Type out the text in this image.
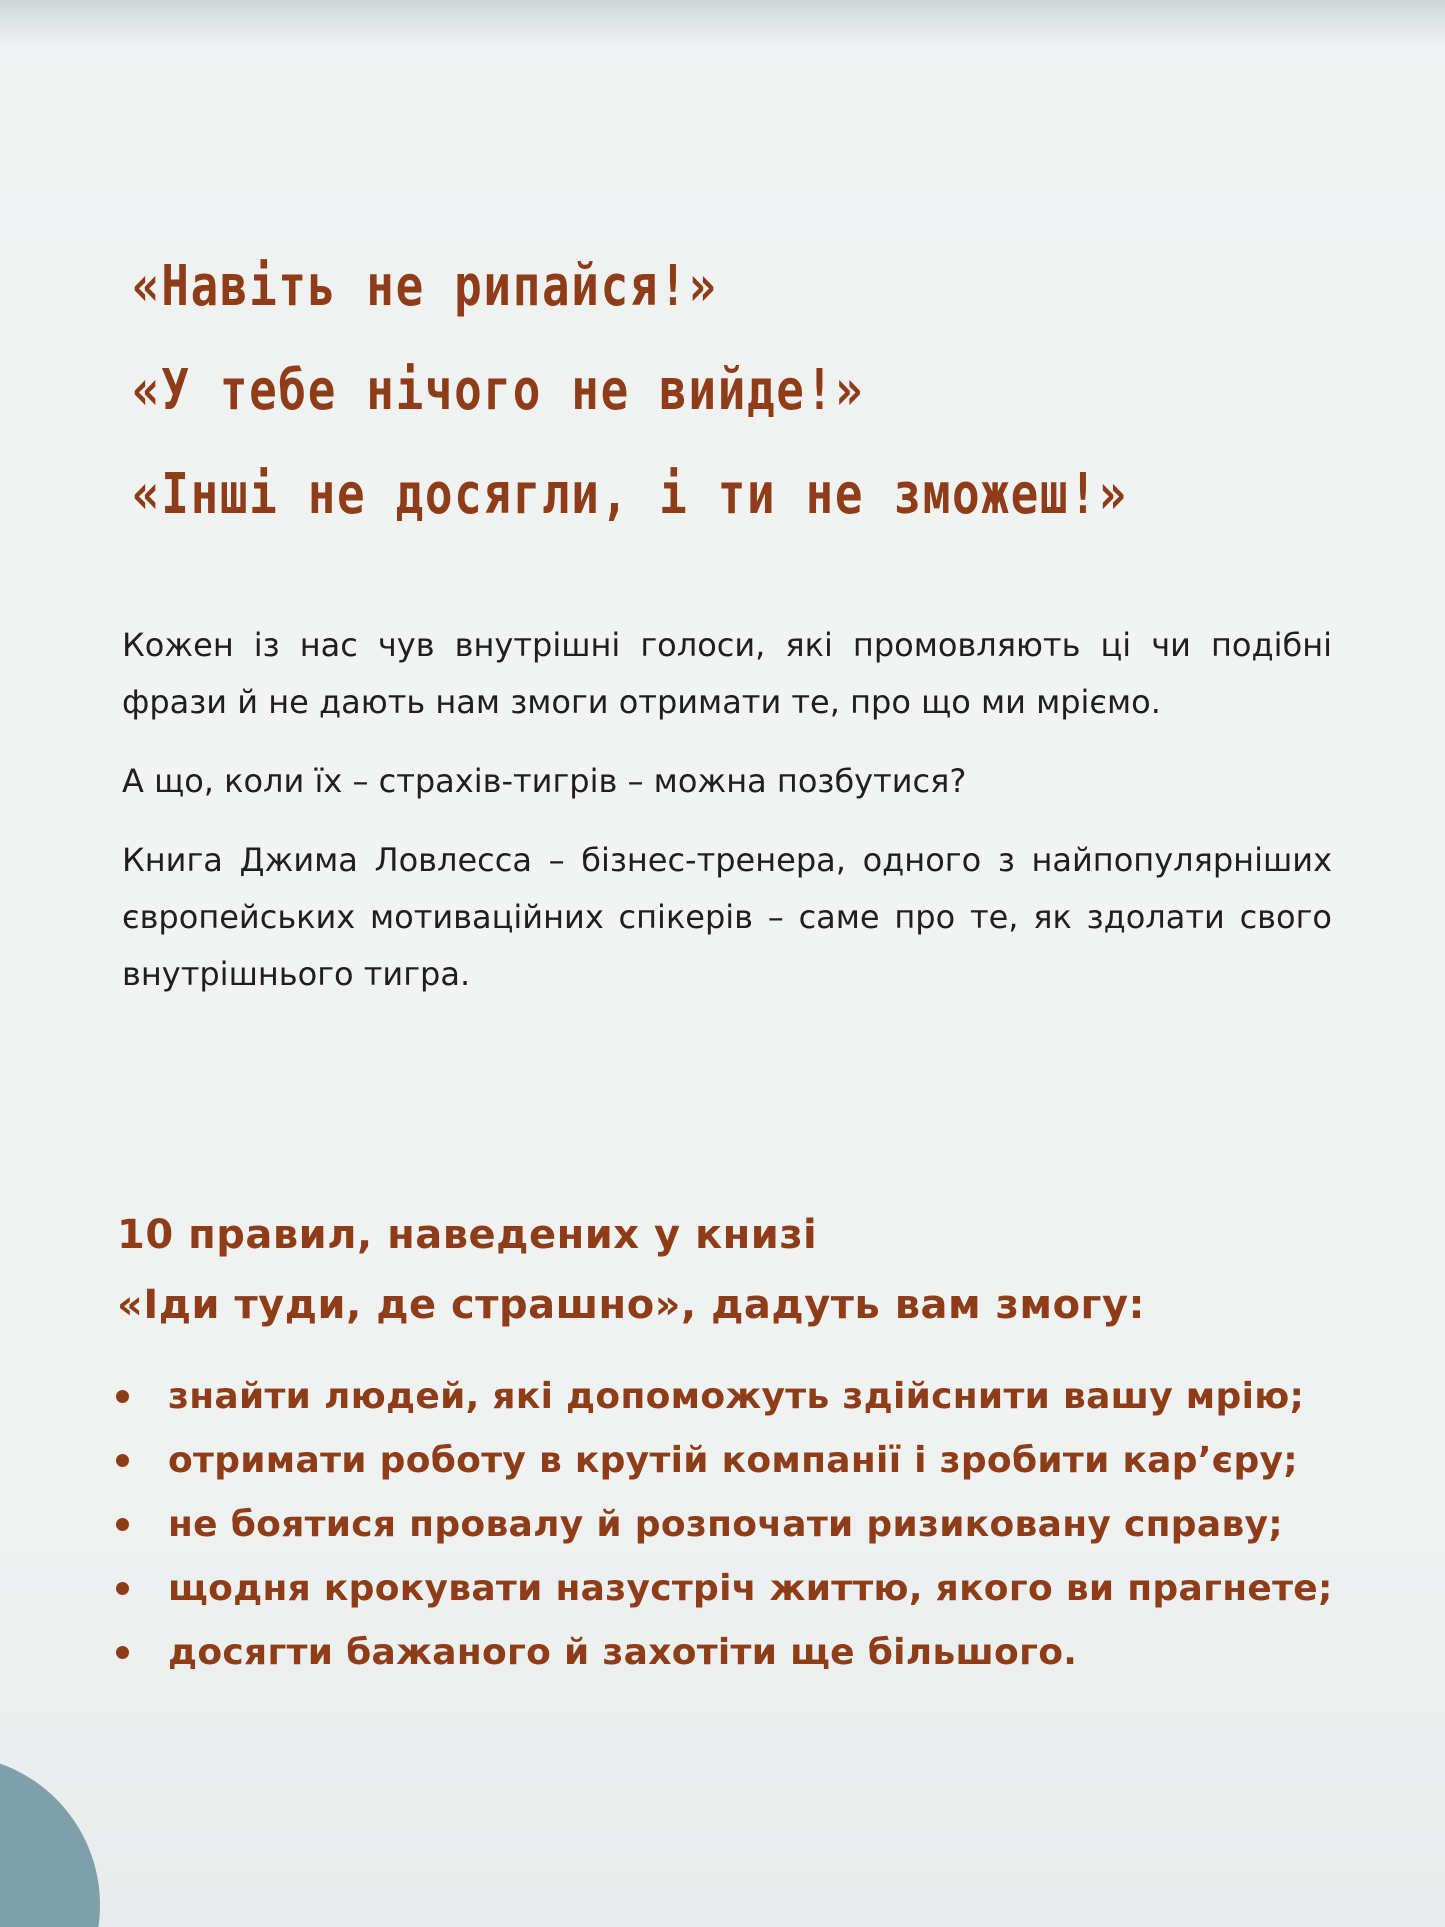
«Навіть не рипайся!»
«У тебе нічого не вийде!»
«Інші не досягли, і ти не зможеш!»

Кожен із нас чув внутрішні голоси, які промовляють ці чи подібні фрази й не дають нам змоги отримати те, про що ми мріємо.

А що, коли їх – страхів-тигрів – можна позбутися?

Книга Джима Ловлесса – бізнес-тренера, одного з найпопулярніших європейських мотиваційних спікерів – саме про те, як здолати свого внутрішнього тигра.

10 правил, наведених у книзі
«Іди туди, де страшно», дадуть вам змогу:
знайти людей, які допоможуть здійснити вашу мрію;
отримати роботу в крутій компанії і зробити кар’єру;
не боятися провалу й розпочати ризиковану справу;
щодня крокувати назустріч життю, якого ви прагнете;
досягти бажаного й захотіти ще більшого.
